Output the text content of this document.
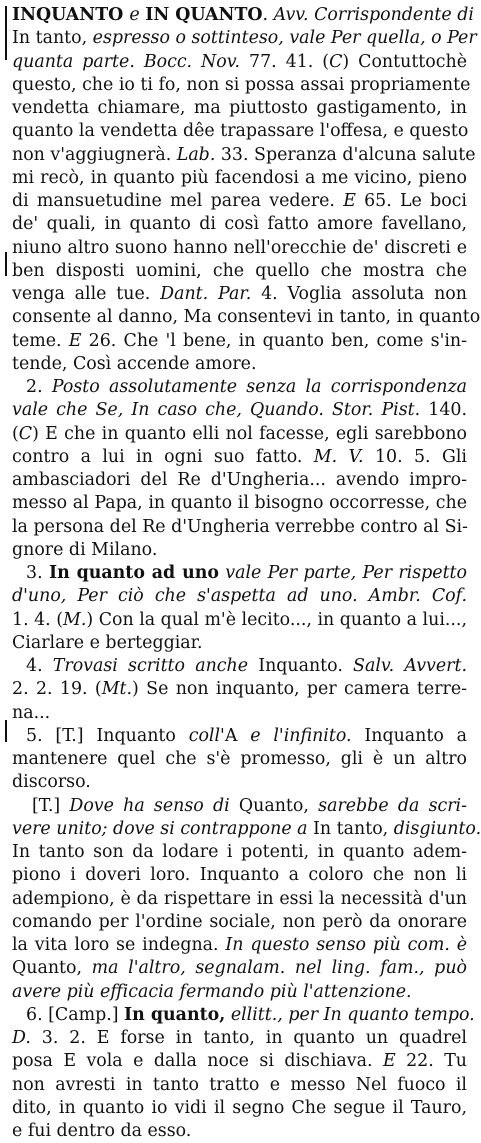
INQUANTO e IN QUANTO. Avv. Corrispondente di
In tanto, espresso o sottinteso, vale Per quella, o Per
quanta parte. Bocc. Nov. 77. 41. (C) Contuttochè
questo, che io ti fo, non si possa assai propriamente
vendetta chiamare, ma piuttosto gastigamento, in
quanto la vendetta dêe trapassare l'offesa, e questo
non v'aggiugnerà. Lab. 33. Speranza d'alcuna salute
mi recò, in quanto più facendosi a me vicino, pieno
di mansuetudine mel parea vedere. E 65. Le boci
de' quali, in quanto di così fatto amore favellano,
niuno altro suono hanno nell'orecchie de' discreti e
ben disposti uomini, che quello che mostra che
venga alle tue. Dant. Par. 4. Voglia assoluta non
consente al danno, Ma consentevi in tanto, in quanto
teme. E 26. Che 'l bene, in quanto ben, come s'in-
tende, Così accende amore.
2. Posto assolutamente senza la corrispondenza
vale che Se, In caso che, Quando. Stor. Pist. 140.
(C) E che in quanto elli nol facesse, egli sarebbono
contro a lui in ogni suo fatto. M. V. 10. 5. Gli
ambasciadori del Re d'Ungheria... avendo impro-
messo al Papa, in quanto il bisogno occorresse, che
la persona del Re d'Ungheria verrebbe contro al Si-
gnore di Milano.
3. In quanto ad uno vale Per parte, Per rispetto
d'uno, Per ciò che s'aspetta ad uno. Ambr. Cof.
1. 4. (M.) Con la qual m'è lecito..., in quanto a lui...,
Ciarlare e berteggiar.
4. Trovasi scritto anche Inquanto. Salv. Avvert.
2. 2. 19. (Mt.) Se non inquanto, per camera terre-
na...
5. [T.] Inquanto coll'A e l'infinito. Inquanto a
mantenere quel che s'è promesso, gli è un altro
discorso.
[T.] Dove ha senso di Quanto, sarebbe da scri-
vere unito; dove si contrappone a In tanto, disgiunto.
In tanto son da lodare i potenti, in quanto adem-
piono i doveri loro. Inquanto a coloro che non li
adempiono, è da rispettare in essi la necessità d'un
comando per l'ordine sociale, non però da onorare
la vita loro se indegna. In questo senso più com. è
Quanto, ma l'altro, segnalam. nel ling. fam., può
avere più efficacia fermando più l'attenzione.
6. [Camp.] In quanto, ellitt., per In quanto tempo.
D. 3. 2. E forse in tanto, in quanto un quadrel
posa E vola e dalla noce si dischiava. E 22. Tu
non avresti in tanto tratto e messo Nel fuoco il
dito, in quanto io vidi il segno Che segue il Tauro,
e fui dentro da esso.
